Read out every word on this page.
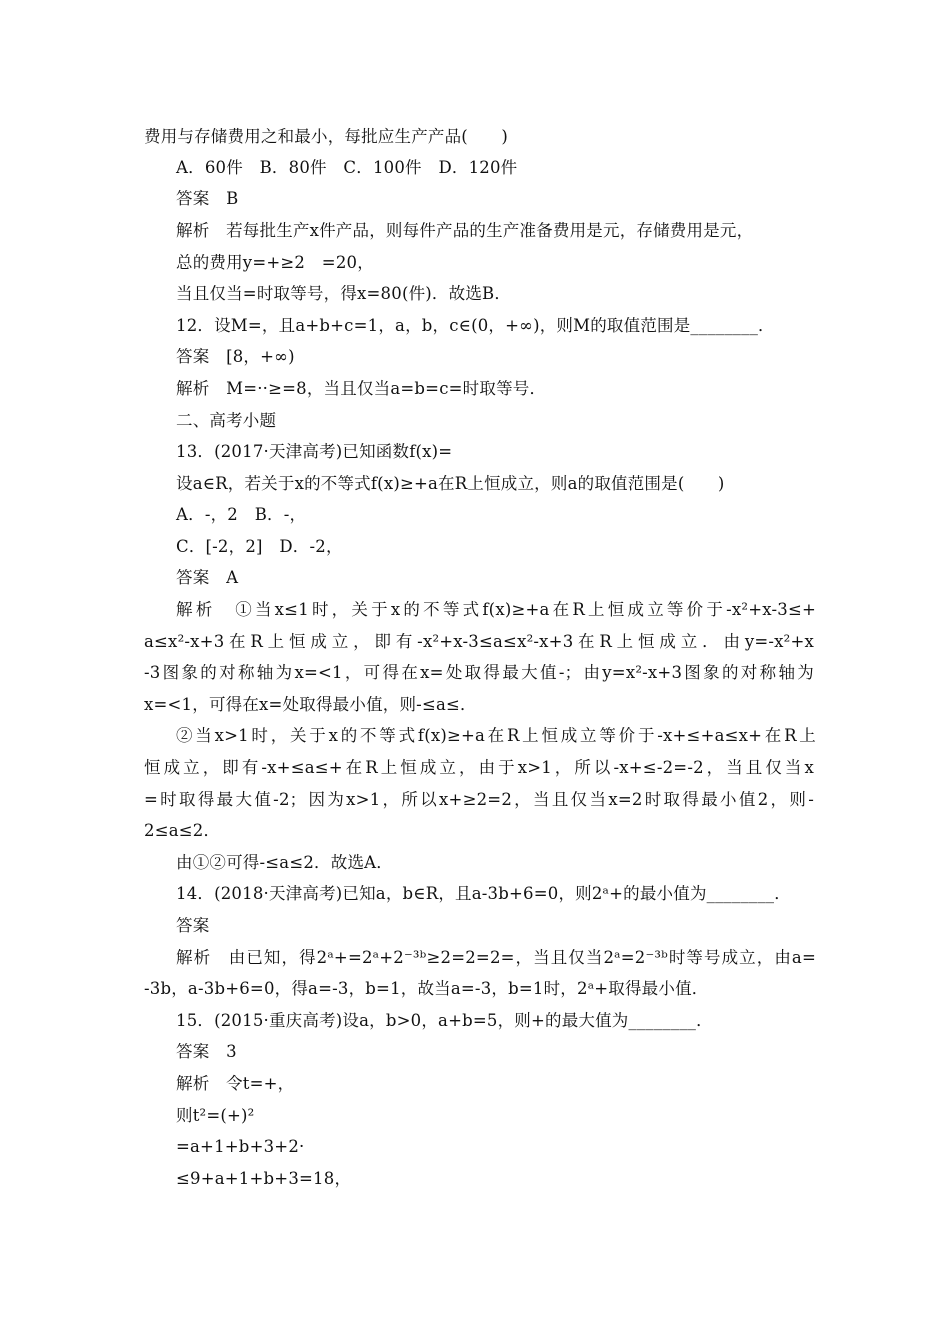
费用与存储费用之和最小，每批应生产产品(　　)
A．60件　B．80件　C．100件　D．120件
答案　B
解析　若每批生产x件产品，则每件产品的生产准备费用是元，存储费用是元，
总的费用y=+≥2　=20，
当且仅当=时取等号，得x=80(件)．故选B．
12．设M=，且a+b+c=1，a，b，c∈(0，+∞)，则M的取值范围是________．
答案　[8，+∞)
解析　M=··≥=8，当且仅当a=b=c=时取等号．
二、高考小题
13．(2017·天津高考)已知函数f(x)=
设a∈R，若关于x的不等式f(x)≥+a在R上恒成立，则a的取值范围是(　　)
A．-，2　B．-，
C．[-2，2]　D．-2，
答案　A
解析　①当x≤1时，关于x的不等式f(x)≥+a在R上恒成立等价于-x²+x-3≤+
a≤x²-x+3在R上恒成立，即有-x²+x-3≤a≤x²-x+3在R上恒成立．由y=-x²+x
-3图象的对称轴为x=<1，可得在x=处取得最大值-；由y=x²-x+3图象的对称轴为
x=<1，可得在x=处取得最小值，则-≤a≤．
②当x>1时，关于x的不等式f(x)≥+a在R上恒成立等价于-x+≤+a≤x+在R上
恒成立，即有-x+≤a≤+在R上恒成立，由于x>1，所以-x+≤-2=-2，当且仅当x
=时取得最大值-2；因为x>1，所以x+≥2=2，当且仅当x=2时取得最小值2，则-
2≤a≤2．
由①②可得-≤a≤2．故选A．
14．(2018·天津高考)已知a，b∈R，且a-3b+6=0，则2ᵃ+的最小值为________．
答案
解析　由已知，得2ᵃ+=2ᵃ+2⁻³ᵇ≥2=2=2=，当且仅当2ᵃ=2⁻³ᵇ时等号成立，由a=
-3b，a-3b+6=0，得a=-3，b=1，故当a=-3，b=1时，2ᵃ+取得最小值．
15．(2015·重庆高考)设a，b>0，a+b=5，则+的最大值为________．
答案　3
解析　令t=+，
则t²=(+)²
=a+1+b+3+2·
≤9+a+1+b+3=18，
